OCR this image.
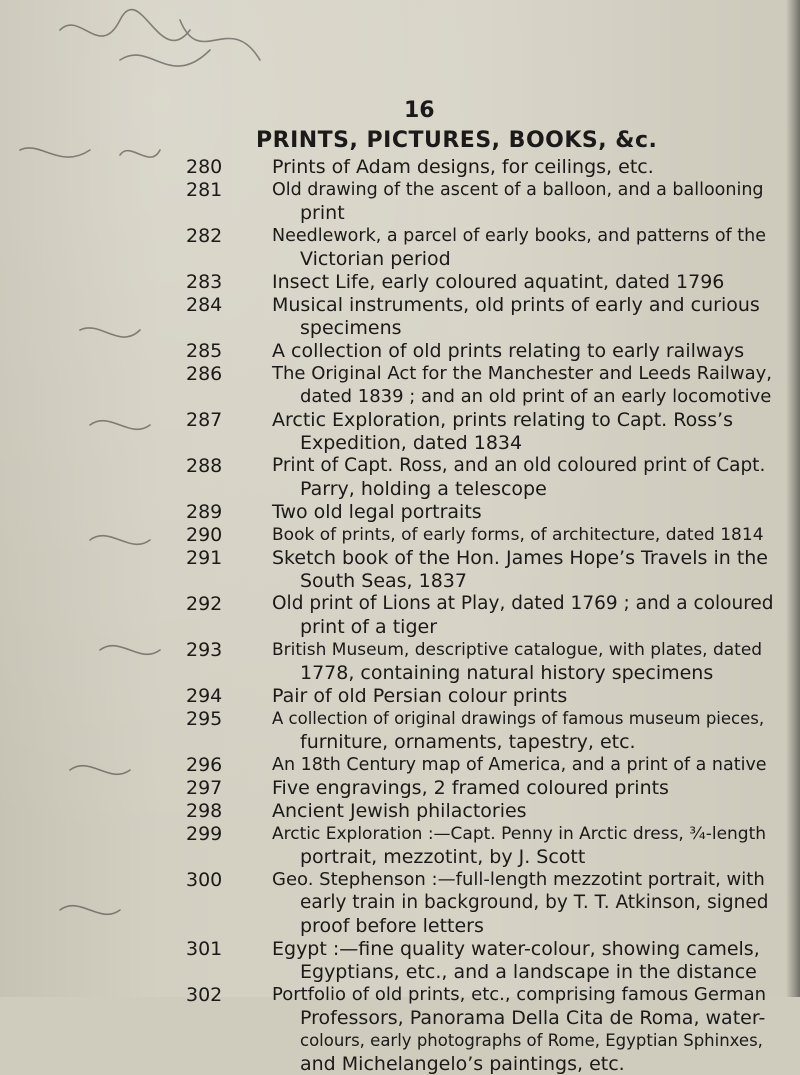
16
PRINTS, PICTURES, BOOKS, &c.
280	Prints of Adam designs, for ceilings, etc.
281	Old drawing of the ascent of a balloon, and a ballooning
print
282	Needlework, a parcel of early books, and patterns of the
Victorian period
283	Insect Life, early coloured aquatint, dated 1796
284	Musical instruments, old prints of early and curious
specimens
285	A collection of old prints relating to early railways
286	The Original Act for the Manchester and Leeds Railway,
dated 1839 ; and an old print of an early locomotive
287	Arctic Exploration, prints relating to Capt. Ross’s
Expedition, dated 1834
288	Print of Capt. Ross, and an old coloured print of Capt.
Parry, holding a telescope
289	Two old legal portraits
290	Book of prints, of early forms, of architecture, dated 1814
291	Sketch book of the Hon. James Hope’s Travels in the
South Seas, 1837
292	Old print of Lions at Play, dated 1769 ; and a coloured
print of a tiger
293	British Museum, descriptive catalogue, with plates, dated
1778, containing natural history specimens
294	Pair of old Persian colour prints
295	A collection of original drawings of famous museum pieces,
furniture, ornaments, tapestry, etc.
296	An 18th Century map of America, and a print of a native
297	Five engravings, 2 framed coloured prints
298	Ancient Jewish philactories
299	Arctic Exploration :—Capt. Penny in Arctic dress, ¾-length
portrait, mezzotint, by J. Scott
300	Geo. Stephenson :—full-length mezzotint portrait, with
early train in background, by T. T. Atkinson, signed
proof before letters
301	Egypt :—fine quality water-colour, showing camels,
Egyptians, etc., and a landscape in the distance
302	Portfolio of old prints, etc., comprising famous German
Professors, Panorama Della Cita de Roma, water-
colours, early photographs of Rome, Egyptian Sphinxes,
and Michelangelo’s paintings, etc.
